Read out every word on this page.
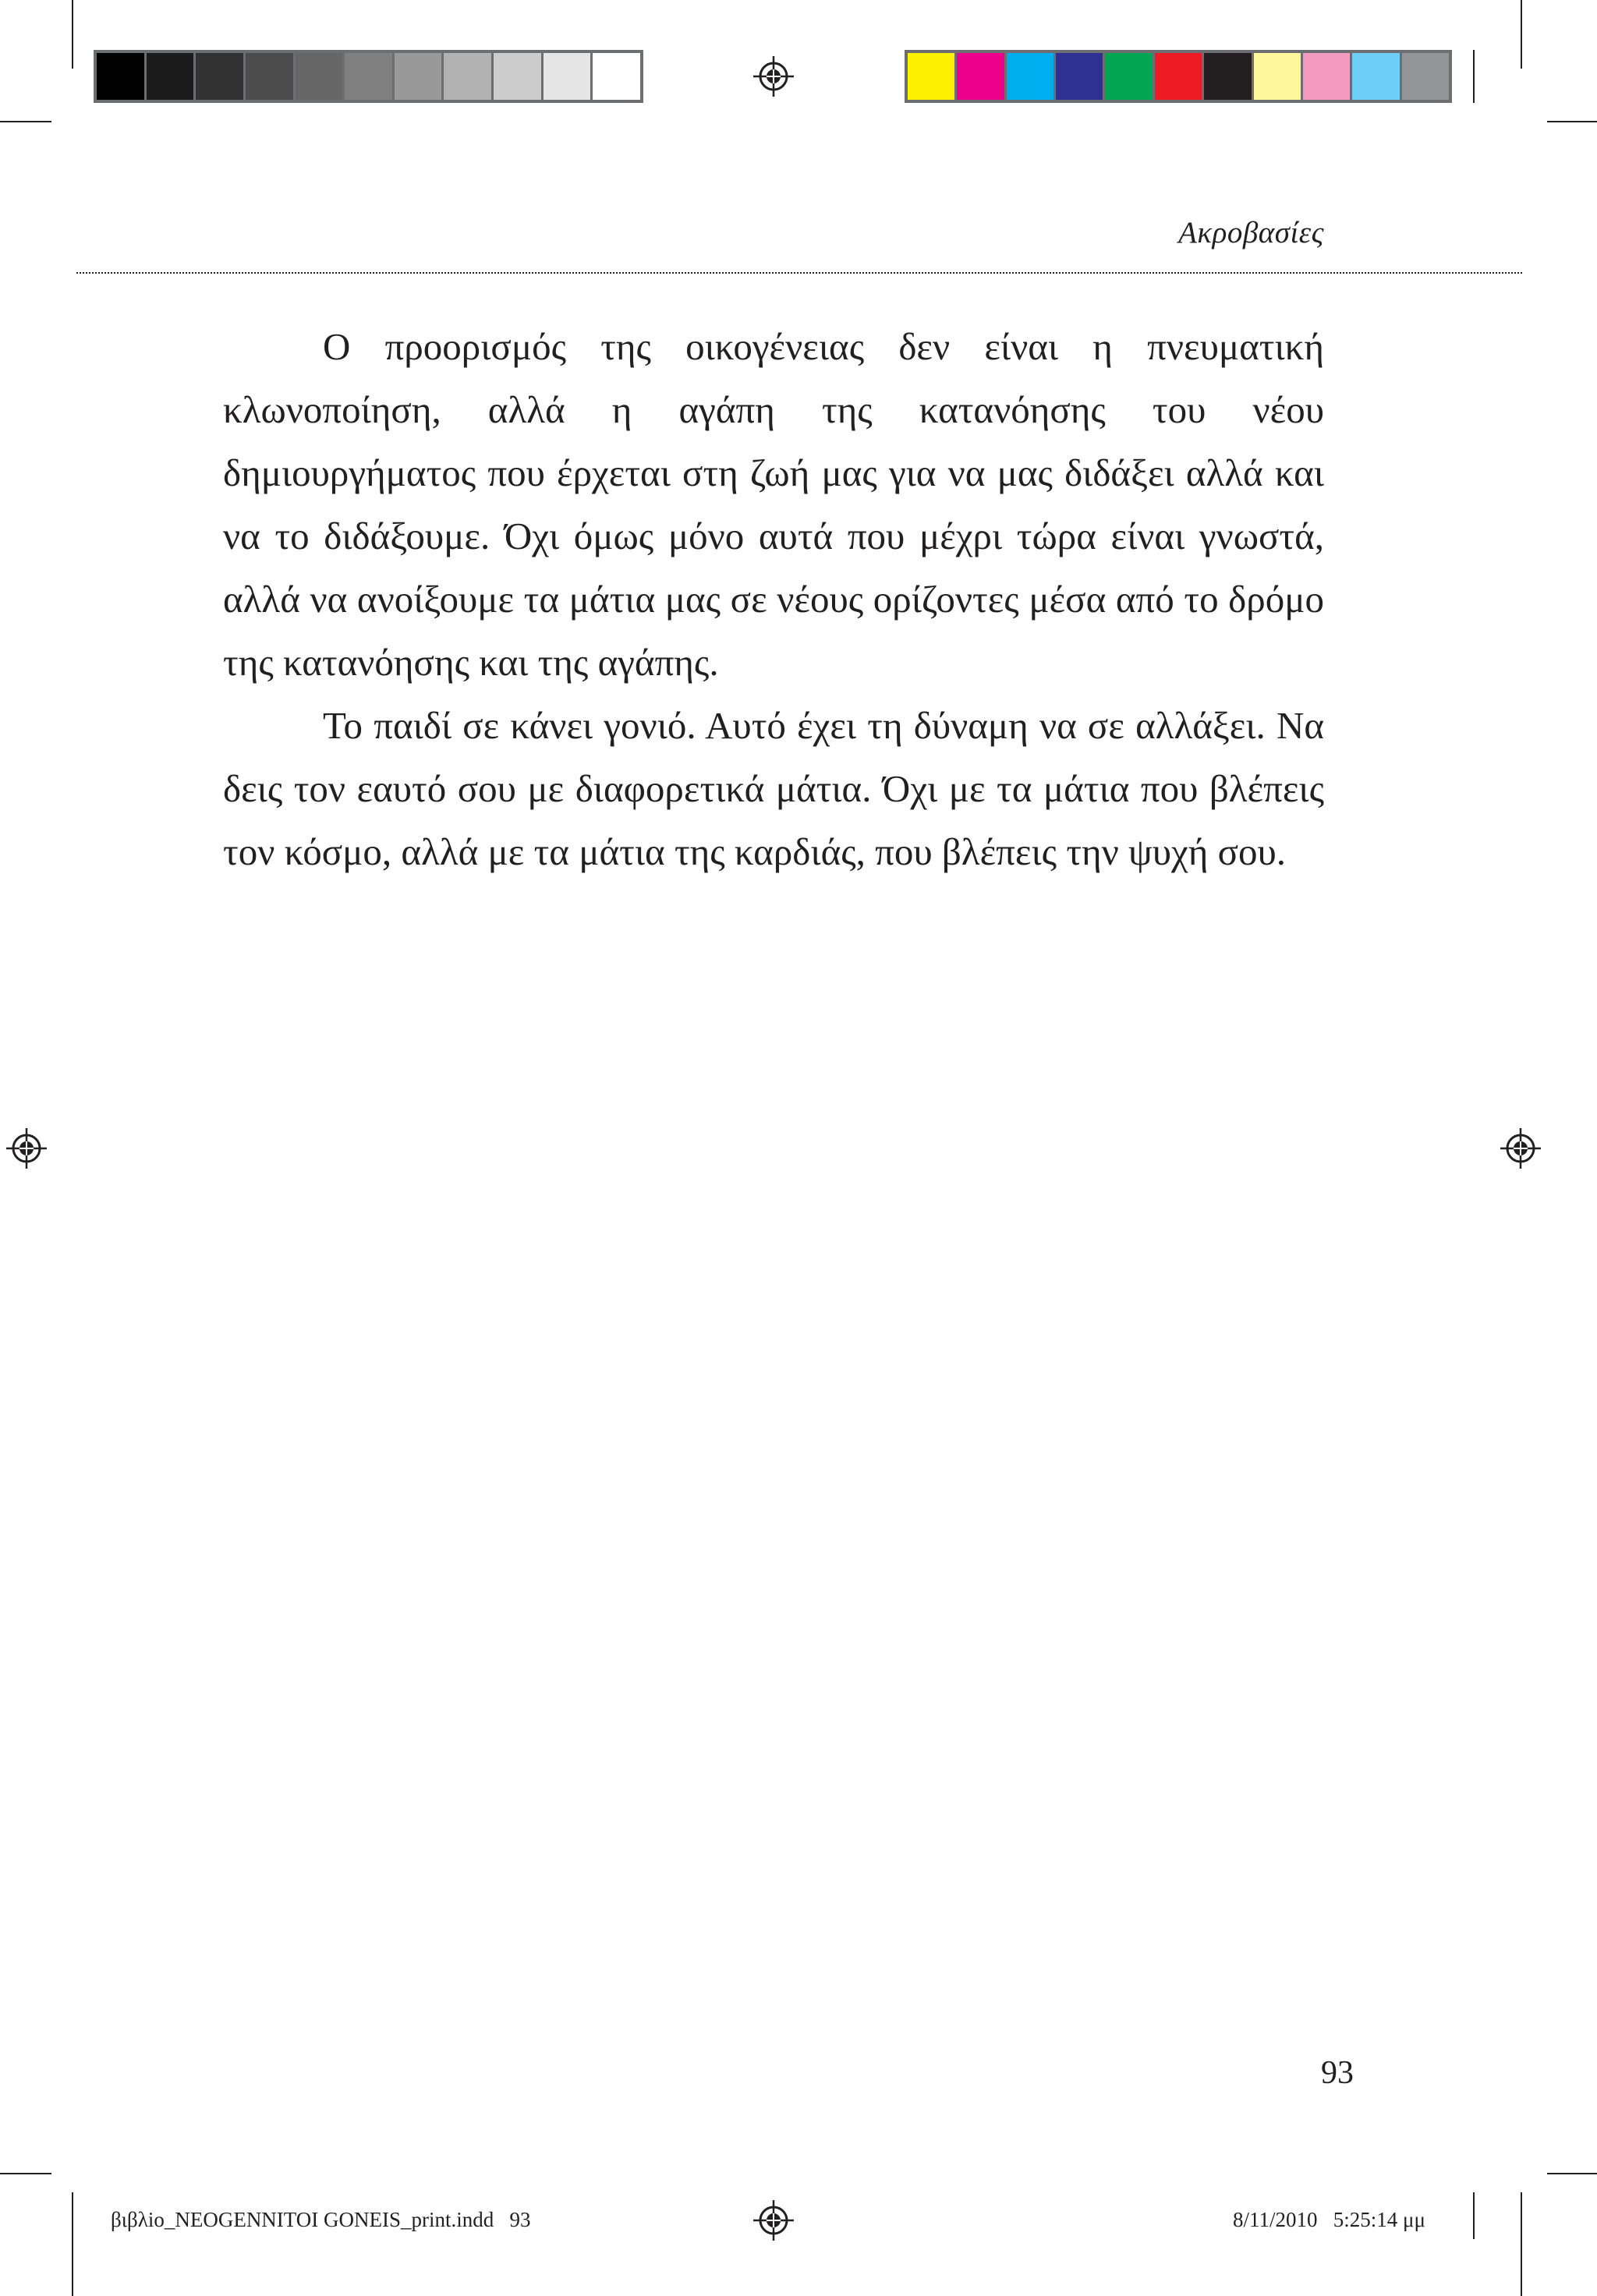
Ακροβασίες

Ο προορισμός της οικογένειας δεν είναι η πνευματική κλωνοποίηση, αλλά η αγάπη της κατανόησης του νέου δημιουργήματος που έρχεται στη ζωή μας για να μας διδάξει αλλά και να το διδάξουμε. Όχι όμως μόνο αυτά που μέχρι τώρα είναι γνωστά, αλλά να ανοίξουμε τα μάτια μας σε νέους ορίζοντες μέσα από το δρόμο της κατανόησης και της αγάπης.

Το παιδί σε κάνει γονιό. Αυτό έχει τη δύναμη να σε αλλάξει. Να δεις τον εαυτό σου με διαφορετικά μάτια. Όχι με τα μάτια που βλέπεις τον κόσμο, αλλά με τα μάτια της καρδιάς, που βλέπεις την ψυχή σου.

93
βιβλio_NEOGENNITOI GONEIS_print.indd   93	8/11/2010   5:25:14 μμ
